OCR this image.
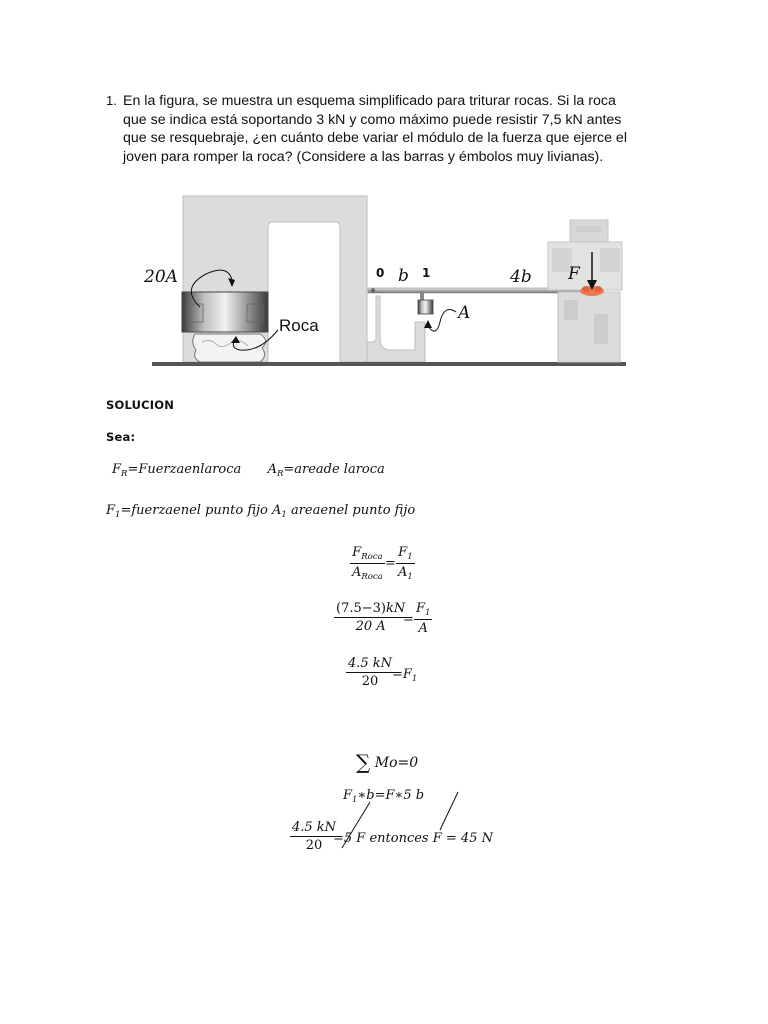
1. En la figura, se muestra un esquema simplificado para triturar rocas. Si la roca
que se indica está soportando 3 kN y como máximo puede resistir 7,5 kN antes
que se resquebraje, ¿en cuánto debe variar el módulo de la fuerza que ejerce el
joven para romper la roca? (Considere a las barras y émbolos muy livianas).
20A
Roca
0 b 1	4b F
A
SOLUCION
Sea:
$F_R=Fuerzaenlaroca$ $A_R=areade$ laroca
$F_1=fuerzaenel$ punto fijo $A_1$ areaenel punto fijo
$F_{Roca}$
$A_{Roca}$
= $\frac{F_1}{A_1}$
$\frac{(7.5-3)kN}{20 A}$
= $\frac{F_1}{A}$
$\frac{4.5 kN}{20}$
$=F_1$
∑ Mo=0
$F_1∗b=F∗5$ b
$\frac{4.5 kN}{20}$
=5 F entonces F = 45 N
